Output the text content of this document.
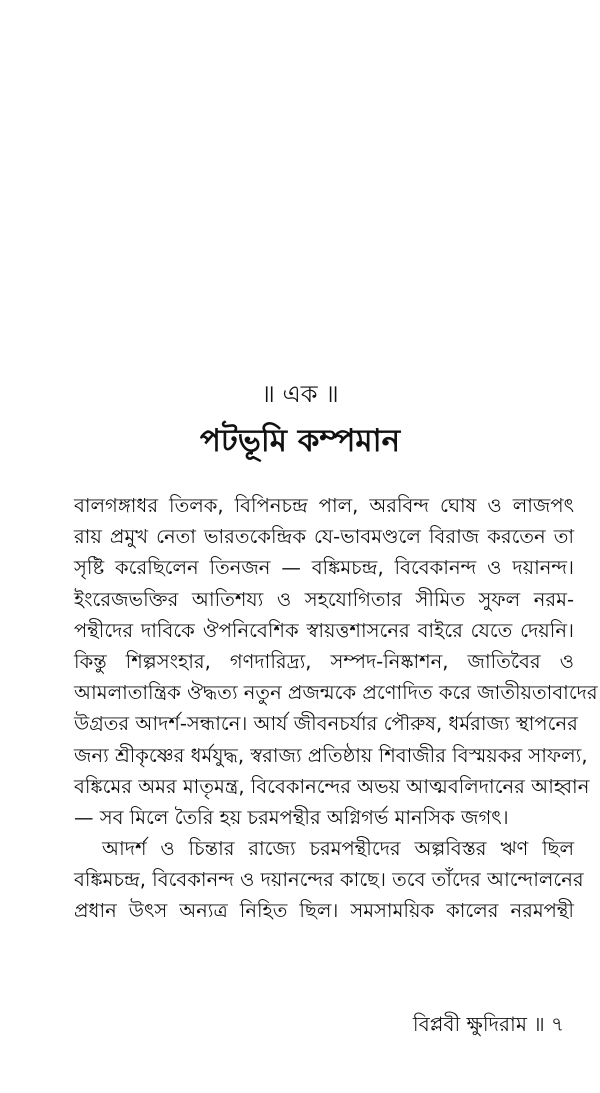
॥ এক ॥
পটভূমি কম্পমান
বালগঙ্গাধর তিলক, বিপিনচন্দ্র পাল, অরবিন্দ ঘোষ ও লাজপৎ
রায় প্রমুখ নেতা ভারতকেন্দ্রিক যে-ভাবমণ্ডলে বিরাজ করতেন তা
সৃষ্টি করেছিলেন তিনজন — বঙ্কিমচন্দ্র, বিবেকানন্দ ও দয়ানন্দ।
ইংরেজভক্তির আতিশয্য ও সহযোগিতার সীমিত সুফল নরম-
পন্থীদের দাবিকে ঔপনিবেশিক স্বায়ত্তশাসনের বাইরে যেতে দেয়নি।
কিন্তু শিল্পসংহার, গণদারিদ্র্য, সম্পদ-নিষ্কাশন, জাতিবৈর ও
আমলাতান্ত্রিক ঔদ্ধত্য নতুন প্রজন্মকে প্রণোদিত করে জাতীয়তাবাদের
উগ্রতর আদর্শ-সন্ধানে। আর্য জীবনচর্যার পৌরুষ, ধর্মরাজ্য স্থাপনের
জন্য শ্রীকৃষ্ণের ধর্মযুদ্ধ, স্বরাজ্য প্রতিষ্ঠায় শিবাজীর বিস্ময়কর সাফল্য,
বঙ্কিমের অমর মাতৃমন্ত্র, বিবেকানন্দের অভয় আত্মবলিদানের আহ্বান
— সব মিলে তৈরি হয় চরমপন্থীর অগ্নিগর্ভ মানসিক জগৎ।
আদর্শ ও চিন্তার রাজ্যে চরমপন্থীদের অল্পবিস্তর ঋণ ছিল
বঙ্কিমচন্দ্র, বিবেকানন্দ ও দয়ানন্দের কাছে। তবে তাঁদের আন্দোলনের
প্রধান উৎস অন্যত্র নিহিত ছিল। সমসাময়িক কালের নরমপন্থী
বিপ্লবী ক্ষুদিরাম ॥ ৭
